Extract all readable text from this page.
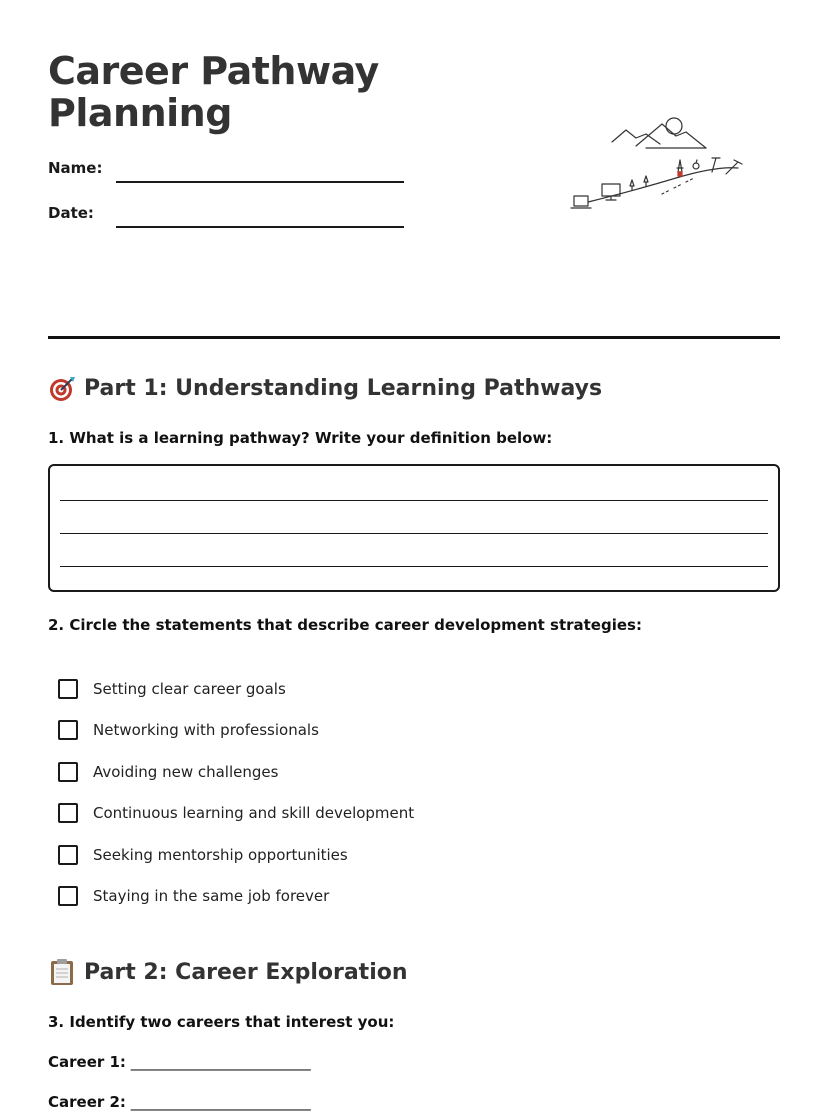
Career Pathway
Planning
Name:
Date:
Part 1: Understanding Learning Pathways
1. What is a learning pathway? Write your definition below:
2. Circle the statements that describe career development strategies:
Setting clear career goals
Networking with professionals
Avoiding new challenges
Continuous learning and skill development
Seeking mentorship opportunities
Staying in the same job forever
Part 2: Career Exploration
3. Identify two careers that interest you:
Career 1: ________________________
Career 2: ________________________
